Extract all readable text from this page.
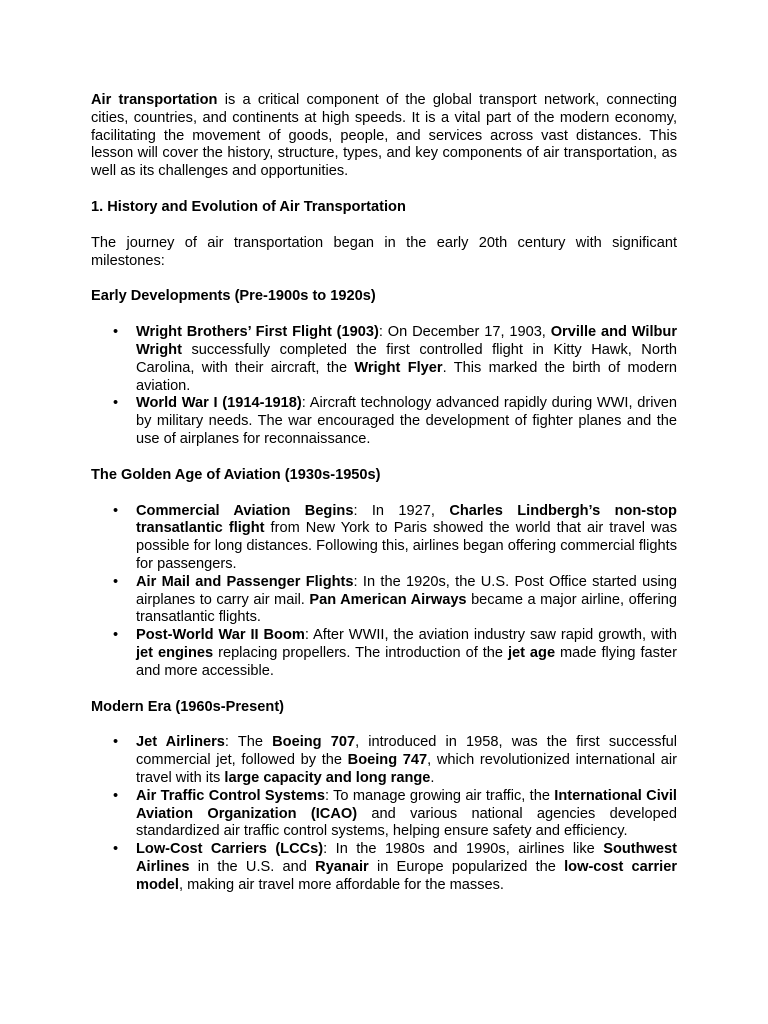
Air transportation is a critical component of the global transport network, connecting cities, countries, and continents at high speeds. It is a vital part of the modern economy, facilitating the movement of goods, people, and services across vast distances. This lesson will cover the history, structure, types, and key components of air transportation, as well as its challenges and opportunities.

1. History and Evolution of Air Transportation

The journey of air transportation began in the early 20th century with significant milestones:

Early Developments (Pre-1900s to 1920s)

• Wright Brothers’ First Flight (1903): On December 17, 1903, Orville and Wilbur Wright successfully completed the first controlled flight in Kitty Hawk, North Carolina, with their aircraft, the Wright Flyer. This marked the birth of modern aviation.
• World War I (1914-1918): Aircraft technology advanced rapidly during WWI, driven by military needs. The war encouraged the development of fighter planes and the use of airplanes for reconnaissance.

The Golden Age of Aviation (1930s-1950s)

• Commercial Aviation Begins: In 1927, Charles Lindbergh’s non-stop transatlantic flight from New York to Paris showed the world that air travel was possible for long distances. Following this, airlines began offering commercial flights for passengers.
• Air Mail and Passenger Flights: In the 1920s, the U.S. Post Office started using airplanes to carry air mail. Pan American Airways became a major airline, offering transatlantic flights.
• Post-World War II Boom: After WWII, the aviation industry saw rapid growth, with jet engines replacing propellers. The introduction of the jet age made flying faster and more accessible.

Modern Era (1960s-Present)

• Jet Airliners: The Boeing 707, introduced in 1958, was the first successful commercial jet, followed by the Boeing 747, which revolutionized international air travel with its large capacity and long range.
• Air Traffic Control Systems: To manage growing air traffic, the International Civil Aviation Organization (ICAO) and various national agencies developed standardized air traffic control systems, helping ensure safety and efficiency.
• Low-Cost Carriers (LCCs): In the 1980s and 1990s, airlines like Southwest Airlines in the U.S. and Ryanair in Europe popularized the low-cost carrier model, making air travel more affordable for the masses.
